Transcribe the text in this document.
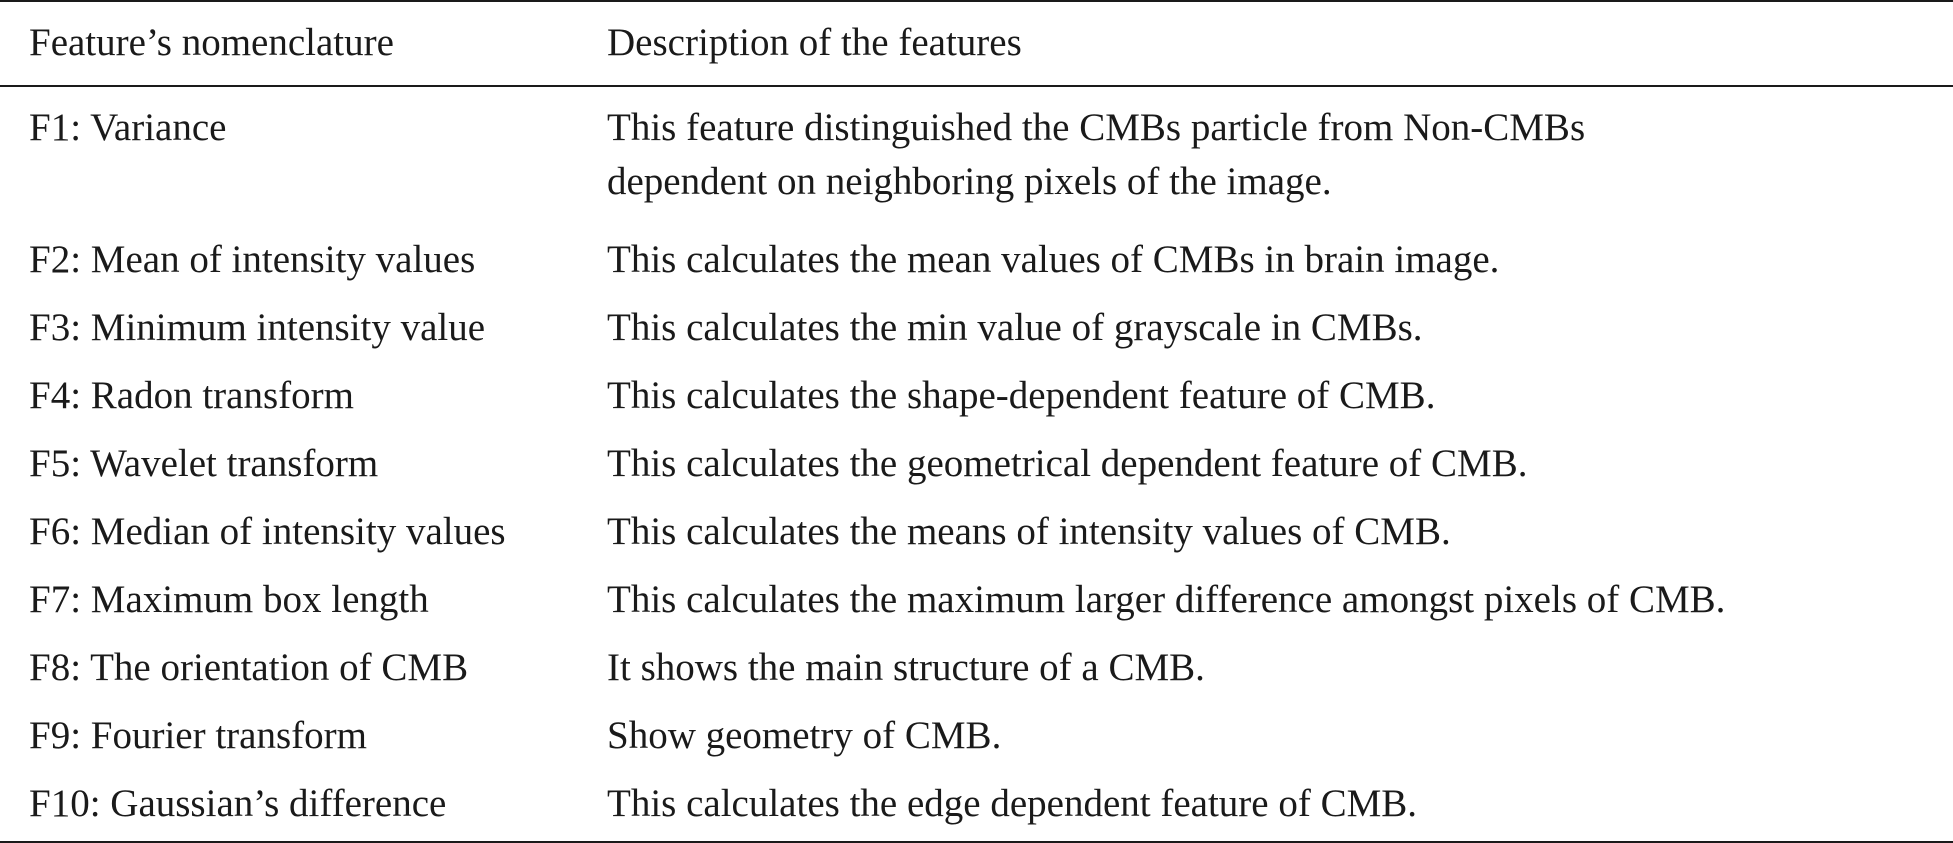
Feature’s nomenclature	Description of the features
F1: Variance	This feature distinguished the CMBs particle from Non-CMBs
dependent on neighboring pixels of the image.

F2: Mean of intensity values	This calculates the mean values of CMBs in brain image.

F3: Minimum intensity value	This calculates the min value of grayscale in CMBs.

F4: Radon transform	This calculates the shape-dependent feature of CMB.

F5: Wavelet transform	This calculates the geometrical dependent feature of CMB.

F6: Median of intensity values	This calculates the means of intensity values of CMB.

F7: Maximum box length	This calculates the maximum larger difference amongst pixels of CMB.

F8: The orientation of CMB	It shows the main structure of a CMB.

F9: Fourier transform	Show geometry of CMB.

F10: Gaussian’s difference	This calculates the edge dependent feature of CMB.
